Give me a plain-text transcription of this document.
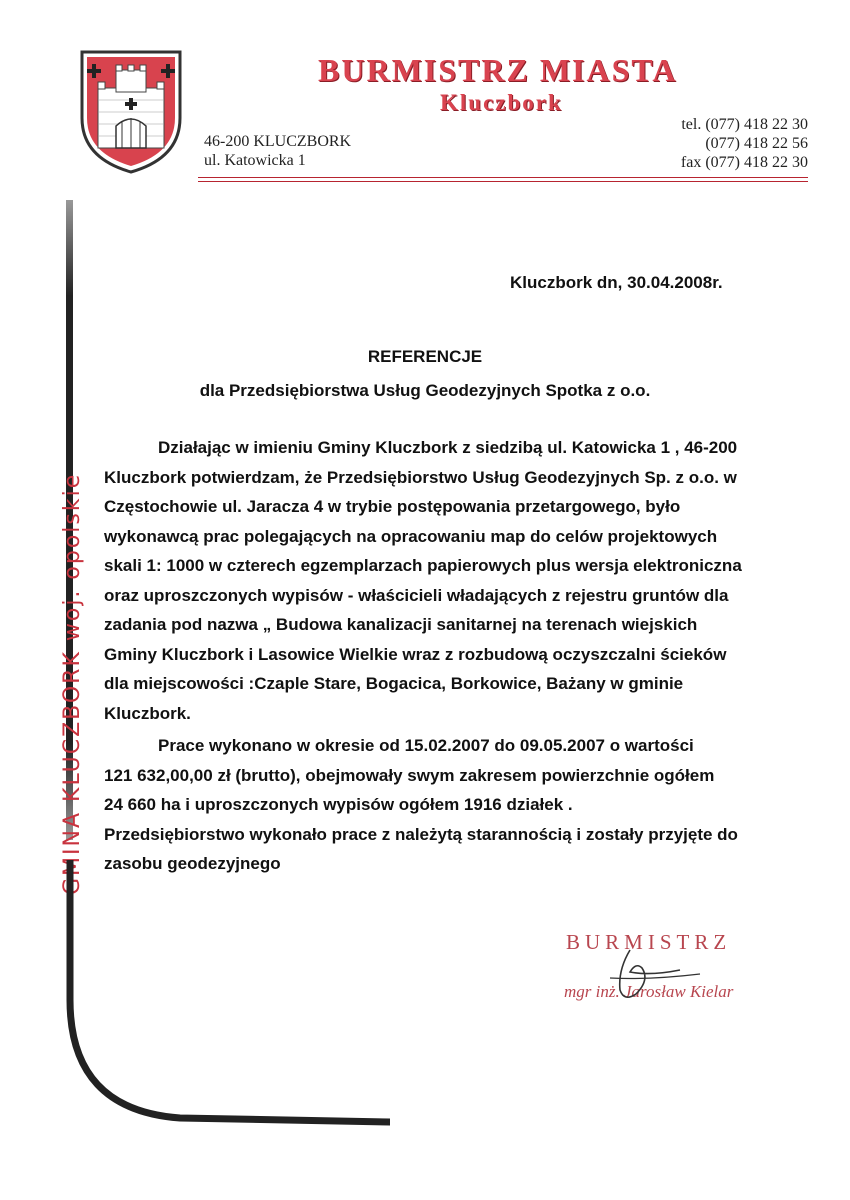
BURMISTRZ MIASTA
Kluczbork
46-200 KLUCZBORK
ul. Katowicka 1
tel. (077) 418 22 30
(077) 418 22 56
fax (077) 418 22 30
GMINA KLUCZBORK woj. opolskie
Kluczbork dn, 30.04.2008r.
REFERENCJE
dla Przedsiębiorstwa Usług Geodezyjnych Spotka z o.o.
Działając w imieniu Gminy Kluczbork z siedzibą ul. Katowicka 1 , 46-200
Kluczbork potwierdzam, że Przedsiębiorstwo Usług Geodezyjnych Sp. z o.o. w
Częstochowie ul. Jaracza 4 w trybie postępowania przetargowego, było
wykonawcą prac polegających na opracowaniu map do celów projektowych
skali 1: 1000 w czterech egzemplarzach papierowych plus wersja elektroniczna
oraz uproszczonych wypisów - właścicieli władających z rejestru gruntów dla
zadania pod nazwa „ Budowa kanalizacji sanitarnej na terenach wiejskich
Gminy Kluczbork i Lasowice Wielkie wraz z rozbudową oczyszczalni ścieków
dla miejscowości :Czaple Stare, Bogacica, Borkowice, Bażany w gminie
Kluczbork.
Prace wykonano w okresie od 15.02.2007 do 09.05.2007 o wartości
121 632,00,00 zł (brutto), obejmowały swym zakresem powierzchnie ogółem
24 660 ha i uproszczonych wypisów ogółem 1916 działek .
Przedsiębiorstwo wykonało prace z należytą starannością i zostały przyjęte do
zasobu geodezyjnego
BURMISTRZ
mgr inż. Jarosław Kielar
